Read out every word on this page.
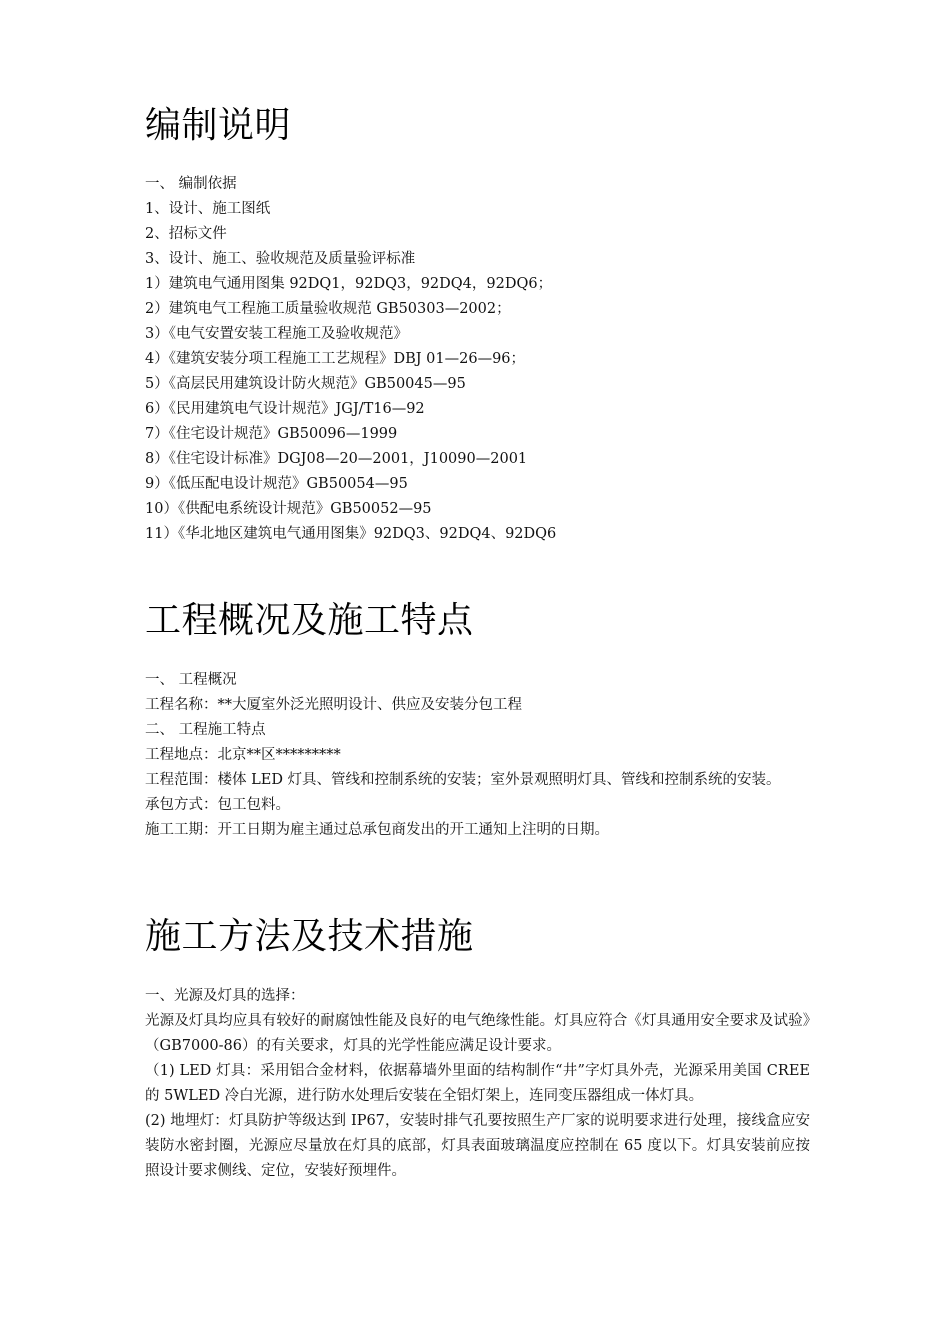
编制说明
一、 编制依据
1、设计、施工图纸
2、招标文件
3、设计、施工、验收规范及质量验评标准
1）建筑电气通用图集 92DQ1，92DQ3，92DQ4，92DQ6；
2）建筑电气工程施工质量验收规范 GB50303—2002；
3）《电气安置安装工程施工及验收规范》
4）《建筑安装分项工程施工工艺规程》DBJ 01—26—96；
5）《高层民用建筑设计防火规范》GB50045—95
6）《民用建筑电气设计规范》JGJ/T16—92
7）《住宅设计规范》GB50096—1999
8）《住宅设计标准》DGJ08—20—2001，J10090—2001
9）《低压配电设计规范》GB50054—95
10）《供配电系统设计规范》GB50052—95
11）《华北地区建筑电气通用图集》92DQ3、92DQ4、92DQ6
工程概况及施工特点
一、 工程概况
工程名称：**大厦室外泛光照明设计、供应及安装分包工程
二、 工程施工特点
工程地点：北京**区*********

工程范围：楼体 LED 灯具、管线和控制系统的安装；室外景观照明灯具、管线和控制系统的安装。

承包方式：包工包料。
施工工期：开工日期为雇主通过总承包商发出的开工通知上注明的日期。
施工方法及技术措施
一、光源及灯具的选择：

光源及灯具均应具有较好的耐腐蚀性能及良好的电气绝缘性能。灯具应符合《灯具通用安全要求及试验》（GB7000-86）的有关要求，灯具的光学性能应满足设计要求。

（1) LED 灯具：采用铝合金材料，依据幕墙外里面的结构制作“井”字灯具外壳，光源采用美国 CREE 的 5WLED 冷白光源，进行防水处理后安装在全铝灯架上，连同变压器组成一体灯具。

(2) 地埋灯：灯具防护等级达到 IP67，安装时排气孔要按照生产厂家的说明要求进行处理，接线盒应安装防水密封圈，光源应尽量放在灯具的底部，灯具表面玻璃温度应控制在 65 度以下。灯具安装前应按照设计要求侧线、定位，安装好预埋件。
